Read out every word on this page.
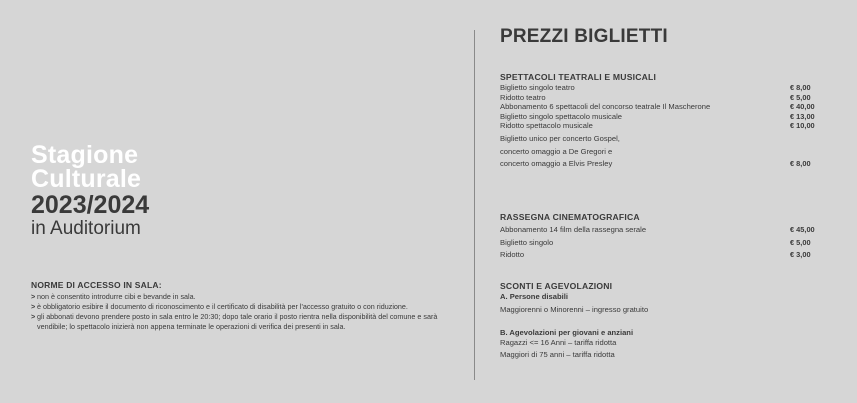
Stagione
Culturale
2023/2024
in Auditorium
NORME DI ACCESSO IN SALA:
> non è consentito introdurre cibi e bevande in sala.
> è obbligatorio esibire il documento di riconoscimento e il certificato di disabilità per l'accesso gratuito o con riduzione.
> gli abbonati devono prendere posto in sala entro le 20:30; dopo tale orario il posto rientra nella disponibilità del comune e sarà vendibile; lo spettacolo inizierà non appena terminate le operazioni di verifica dei presenti in sala.
PREZZI BIGLIETTI
SPETTACOLI TEATRALI E MUSICALI
Biglietto singolo teatro	€ 8,00
Ridotto teatro	€ 5,00
Abbonamento 6 spettacoli del concorso teatrale Il Mascherone	€ 40,00
Biglietto singolo spettacolo musicale	€ 13,00
Ridotto spettacolo musicale	€ 10,00
Biglietto unico per concerto Gospel,
concerto omaggio a De Gregori e
concerto omaggio a Elvis Presley	€ 8,00
RASSEGNA CINEMATOGRAFICA
Abbonamento 14 film della rassegna serale	€ 45,00
Biglietto singolo	€ 5,00
Ridotto	€ 3,00
SCONTI E AGEVOLAZIONI
A. Persone disabili
Maggiorenni o Minorenni – ingresso gratuito
B. Agevolazioni per giovani e anziani
Ragazzi <= 16 Anni – tariffa ridotta
Maggiori di 75 anni – tariffa ridotta
